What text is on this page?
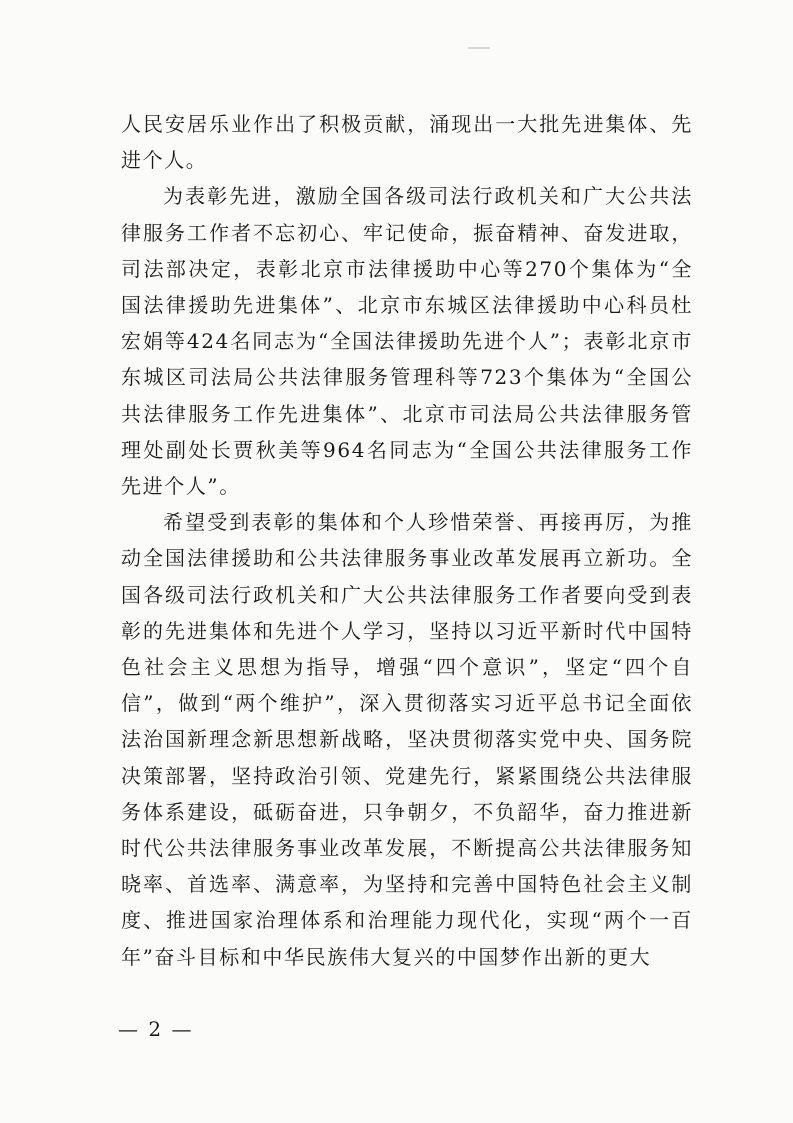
人民安居乐业作出了积极贡献，涌现出一大批先进集体、先进个人。

为表彰先进，激励全国各级司法行政机关和广大公共法律服务工作者不忘初心、牢记使命，振奋精神、奋发进取，司法部决定，表彰北京市法律援助中心等270个集体为“全国法律援助先进集体”、北京市东城区法律援助中心科员杜宏娟等424名同志为“全国法律援助先进个人”；表彰北京市东城区司法局公共法律服务管理科等723个集体为“全国公共法律服务工作先进集体”、北京市司法局公共法律服务管理处副处长贾秋美等964名同志为“全国公共法律服务工作先进个人”。

希望受到表彰的集体和个人珍惜荣誉、再接再厉，为推动全国法律援助和公共法律服务事业改革发展再立新功。全国各级司法行政机关和广大公共法律服务工作者要向受到表彰的先进集体和先进个人学习，坚持以习近平新时代中国特色社会主义思想为指导，增强“四个意识”，坚定“四个自信”，做到“两个维护”，深入贯彻落实习近平总书记全面依法治国新理念新思想新战略，坚决贯彻落实党中央、国务院决策部署，坚持政治引领、党建先行，紧紧围绕公共法律服务体系建设，砥砺奋进，只争朝夕，不负韶华，奋力推进新时代公共法律服务事业改革发展，不断提高公共法律服务知晓率、首选率、满意率，为坚持和完善中国特色社会主义制度、推进国家治理体系和治理能力现代化，实现“两个一百年”奋斗目标和中华民族伟大复兴的中国梦作出新的更大

— 2 —
